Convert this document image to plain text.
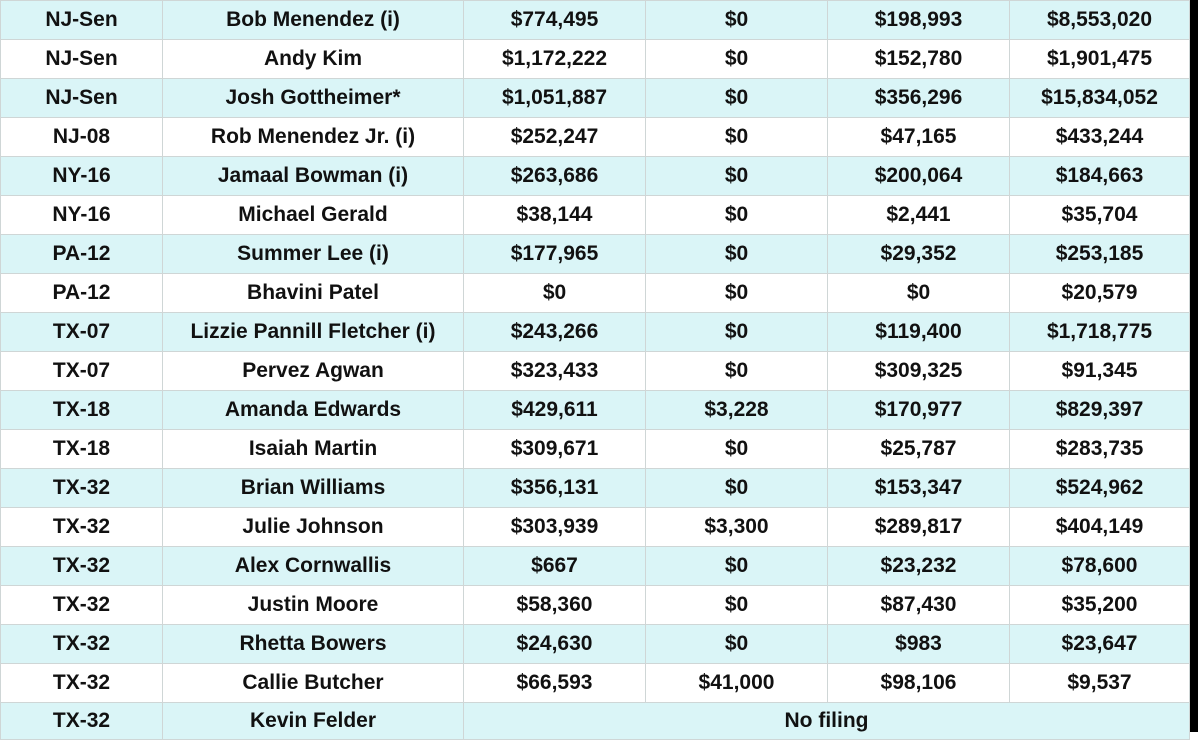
NJ-Sen	Bob Menendez (i)	$774,495	$0	$198,993	$8,553,020
NJ-Sen	Andy Kim	$1,172,222	$0	$152,780	$1,901,475
NJ-Sen	Josh Gottheimer*	$1,051,887	$0	$356,296	$15,834,052
NJ-08	Rob Menendez Jr. (i)	$252,247	$0	$47,165	$433,244
NY-16	Jamaal Bowman (i)	$263,686	$0	$200,064	$184,663
NY-16	Michael Gerald	$38,144	$0	$2,441	$35,704
PA-12	Summer Lee (i)	$177,965	$0	$29,352	$253,185
PA-12	Bhavini Patel	$0	$0	$0	$20,579
TX-07	Lizzie Pannill Fletcher (i)	$243,266	$0	$119,400	$1,718,775
TX-07	Pervez Agwan	$323,433	$0	$309,325	$91,345
TX-18	Amanda Edwards	$429,611	$3,228	$170,977	$829,397
TX-18	Isaiah Martin	$309,671	$0	$25,787	$283,735
TX-32	Brian Williams	$356,131	$0	$153,347	$524,962
TX-32	Julie Johnson	$303,939	$3,300	$289,817	$404,149
TX-32	Alex Cornwallis	$667	$0	$23,232	$78,600
TX-32	Justin Moore	$58,360	$0	$87,430	$35,200
TX-32	Rhetta Bowers	$24,630	$0	$983	$23,647
TX-32	Callie Butcher	$66,593	$41,000	$98,106	$9,537
TX-32	Kevin Felder	No filing			
